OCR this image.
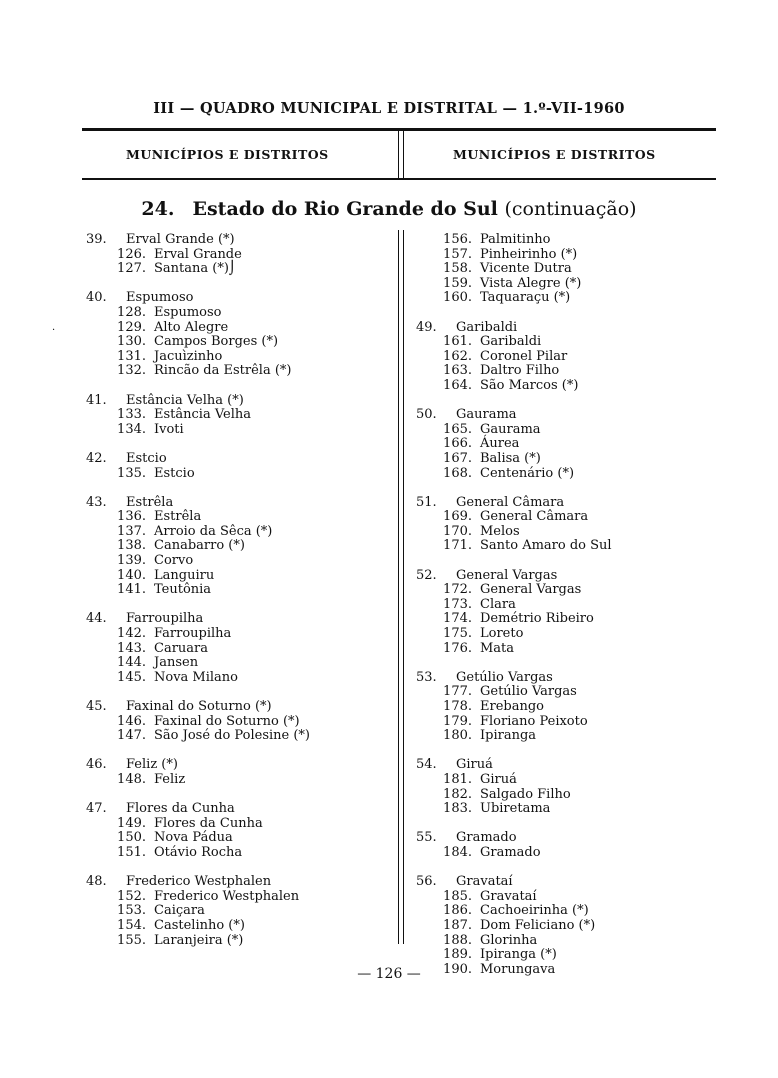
III — QUADRO MUNICIPAL E DISTRITAL — 1.º-VII-1960
MUNICÍPIOS E DISTRITOS	MUNICÍPIOS E DISTRITOS
24. Estado do Rio Grande do Sul (continuação)
·
39.	Erval Grande (*)
126. Erval Grande
127. Santana (*)⌡
40.	Espumoso
128. Espumoso
129. Alto Alegre
130. Campos Borges (*)
131. Jacuìzinho
132. Rincão da Estrêla (*)
41.	Estância Velha (*)
133. Estância Velha
134. Ivoti
42.	Estcio
135. Estcio
43.	Estrêla
136. Estrêla
137. Arroio da Sêca (*)
138. Canabarro (*)
139. Corvo
140. Languiru
141. Teutônia
44.	Farroupilha
142. Farroupilha
143. Caruara
144. Jansen
145. Nova Milano
45.	Faxinal do Soturno (*)
146. Faxinal do Soturno (*)
147. São José do Polesine (*)
46.	Feliz (*)
148. Feliz
47.	Flores da Cunha
149. Flores da Cunha
150. Nova Pádua
151. Otávio Rocha
48.	Frederico Westphalen
152. Frederico Westphalen
153. Caiçara
154. Castelinho (*)
155. Laranjeira (*)
156. Palmitinho
157. Pinheirinho (*)
158. Vicente Dutra
159. Vista Alegre (*)
160. Taquaraçu (*)
49.	Garibaldi
161. Garibaldi
162. Coronel Pilar
163. Daltro Filho
164. São Marcos (*)
50.	Gaurama
165. Gaurama
166. Áurea
167. Balisa (*)
168. Centenário (*)
51.	General Câmara
169. General Câmara
170. Melos
171. Santo Amaro do Sul
52.	General Vargas
172. General Vargas
173. Clara
174. Demétrio Ribeiro
175. Loreto
176. Mata
53.	Getúlio Vargas
177. Getúlio Vargas
178. Erebango
179. Floriano Peixoto
180. Ipiranga
54.	Giruá
181. Giruá
182. Salgado Filho
183. Ubiretama
55.	Gramado
184. Gramado
56.	Gravataí
185. Gravataí
186. Cachoeirinha (*)
187. Dom Feliciano (*)
188. Glorinha
189. Ipiranga (*)
190. Morungava
— 126 —
